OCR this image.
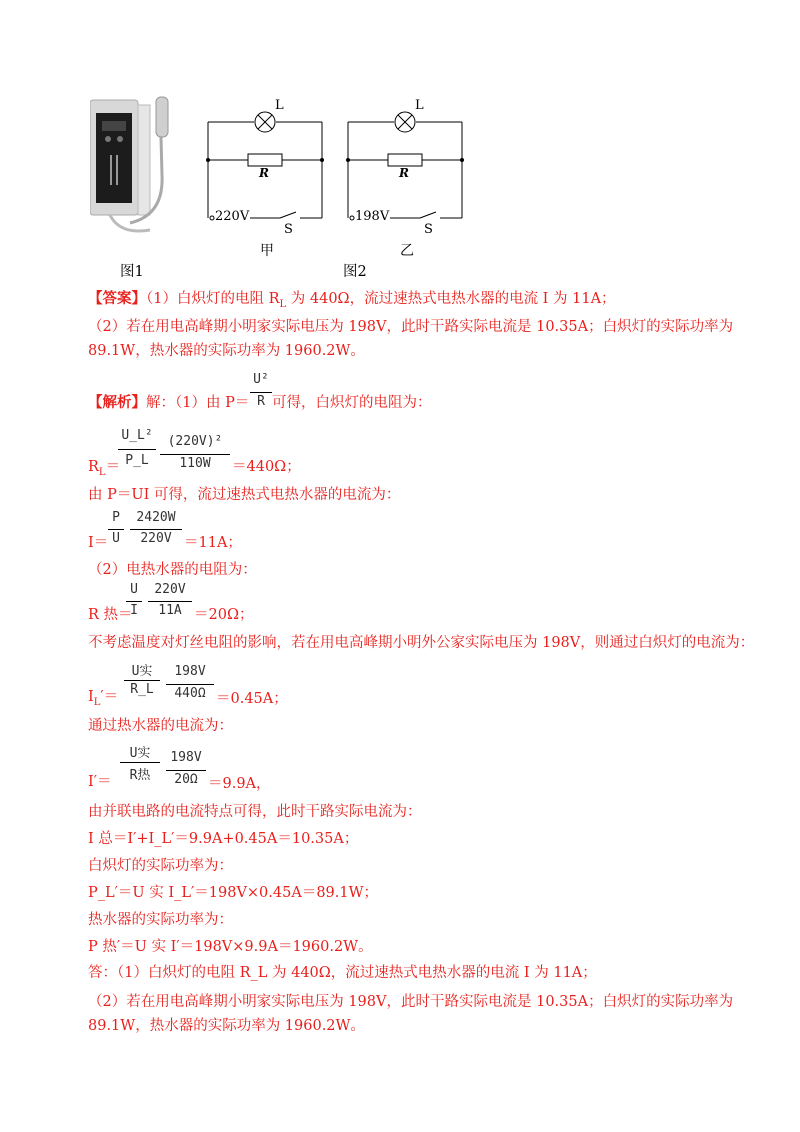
图1
L
R
220V
S
甲
L
R
198V
S
乙
图2
【答案】（1）白炽灯的电阻 $R_L$ 为 440Ω，流过速热式电热水器的电流 I 为 11A；
（2）若在用电高峰期小明家实际电压为 198V，此时干路实际电流是 10.35A；白炽灯的实际功率为
89.1W，热水器的实际功率为 1960.2W。
【解析】解：（1）由 P＝
U²
R 可得，白炽灯的电阻为：
$R_L=$
U_L²
P_L
(220V)²
110W	＝440Ω；
由 P＝UI 可得，流过速热式电热水器的电流为：
I＝
P
U
2420W
220V ＝11A；
（2）电热水器的电阻为：
R 热＝
U
I
220V
11A ＝20Ω；
不考虑温度对灯丝电阻的影响，若在用电高峰期小明外公家实际电压为 198V，则通过白炽灯的电流为：
$I_L'=$
U实
R_L
198V
440Ω ＝0.45A；
通过热水器的电流为：
I′＝
U实
R热
198V
20Ω ＝9.9A，
由并联电路的电流特点可得，此时干路实际电流为：
I 总＝I′+I_L′＝9.9A+0.45A＝10.35A；
白炽灯的实际功率为：
P_L′＝U 实 I_L′＝198V×0.45A＝89.1W；
热水器的实际功率为：
P 热′＝U 实 I′＝198V×9.9A＝1960.2W。
答：（1）白炽灯的电阻 R_L 为 440Ω，流过速热式电热水器的电流 I 为 11A；
（2）若在用电高峰期小明家实际电压为 198V，此时干路实际电流是 10.35A；白炽灯的实际功率为
89.1W，热水器的实际功率为 1960.2W。
